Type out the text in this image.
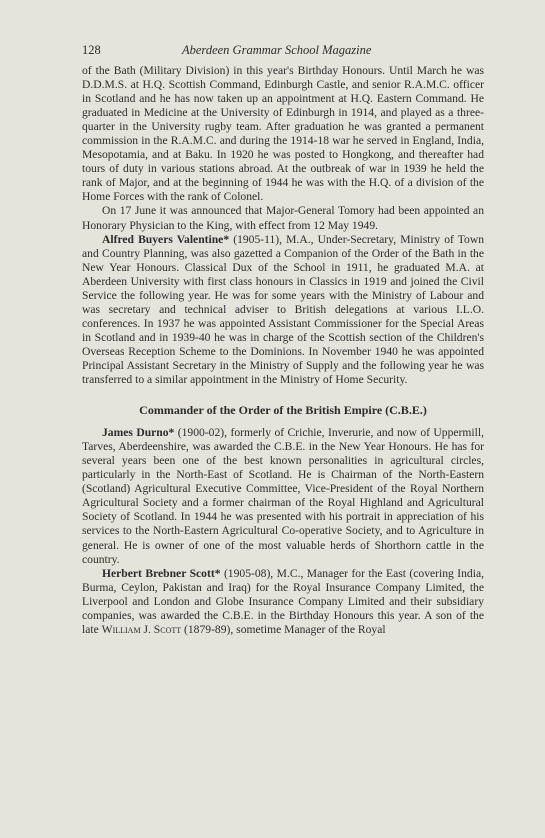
128	Aberdeen Grammar School Magazine

of the Bath (Military Division) in this year's Birthday Honours. Until March he was D.D.M.S. at H.Q. Scottish Command, Edinburgh Castle, and senior R.A.M.C. officer in Scotland and he has now taken up an appointment at H.Q. Eastern Command. He graduated in Medicine at the University of Edinburgh in 1914, and played as a three-quarter in the University rugby team. After graduation he was granted a permanent commission in the R.A.M.C. and during the 1914-18 war he served in England, India, Mesopotamia, and at Baku. In 1920 he was posted to Hongkong, and thereafter had tours of duty in various stations abroad. At the outbreak of war in 1939 he held the rank of Major, and at the beginning of 1944 he was with the H.Q. of a division of the Home Forces with the rank of Colonel.

On 17 June it was announced that Major-General Tomory had been appointed an Honorary Physician to the King, with effect from 12 May 1949.

Alfred Buyers Valentine* (1905-11), M.A., Under-Secretary, Ministry of Town and Country Planning, was also gazetted a Companion of the Order of the Bath in the New Year Honours. Classical Dux of the School in 1911, he graduated M.A. at Aberdeen University with first class honours in Classics in 1919 and joined the Civil Service the following year. He was for some years with the Ministry of Labour and was secretary and technical adviser to British delegations at various I.L.O. conferences. In 1937 he was appointed Assistant Commissioner for the Special Areas in Scotland and in 1939-40 he was in charge of the Scottish section of the Children's Overseas Reception Scheme to the Dominions. In November 1940 he was appointed Principal Assistant Secretary in the Ministry of Supply and the following year he was transferred to a similar appointment in the Ministry of Home Security.

Commander of the Order of the British Empire (C.B.E.)

James Durno* (1900-02), formerly of Crichie, Inverurie, and now of Uppermill, Tarves, Aberdeenshire, was awarded the C.B.E. in the New Year Honours. He has for several years been one of the best known personalities in agricultural circles, particularly in the North-East of Scotland. He is Chairman of the North-Eastern (Scotland) Agricultural Executive Committee, Vice-President of the Royal Northern Agricultural Society and a former chairman of the Royal Highland and Agricultural Society of Scotland. In 1944 he was presented with his portrait in appreciation of his services to the North-Eastern Agricultural Co-operative Society, and to Agriculture in general. He is owner of one of the most valuable herds of Shorthorn cattle in the country.

Herbert Brebner Scott* (1905-08), M.C., Manager for the East (covering India, Burma, Ceylon, Pakistan and Iraq) for the Royal Insurance Company Limited, the Liverpool and London and Globe Insurance Company Limited and their subsidiary companies, was awarded the C.B.E. in the Birthday Honours this year. A son of the late William J. Scott (1879-89), sometime Manager of the Royal
